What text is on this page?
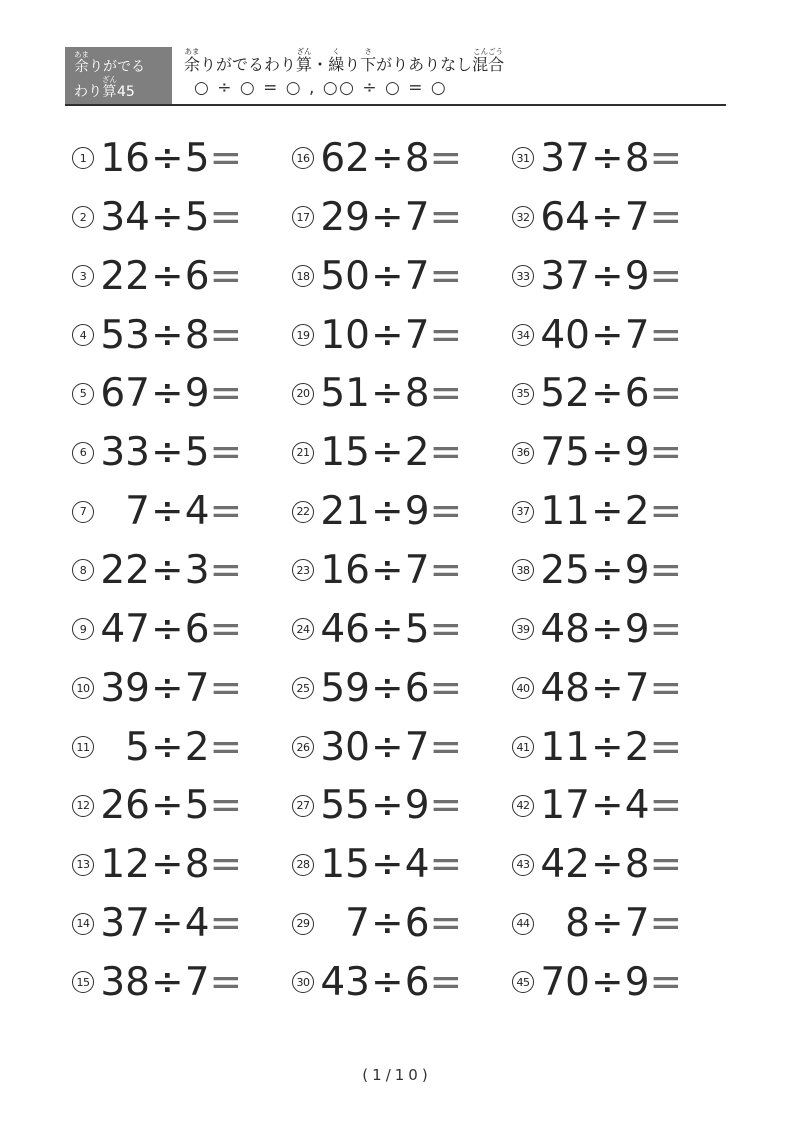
あま
余
りがでる

わり
ざん
算
45
あま
余
りがでるわり
ざん
算
・
く
繰
り
さ
下
がりありなし
こんごう
混合
○ ÷ ○ = ○ , ○○ ÷ ○ = ○
1 16÷5=
2 34÷5=
3 22÷6=
4 53÷8=
5 67÷9=
6 33÷5=
7 7÷4=
8 22÷3=
9 47÷6=
10 39÷7=
11 5÷2=
12 26÷5=
13 12÷8=
14 37÷4=
15 38÷7=
16 62÷8=
17 29÷7=
18 50÷7=
19 10÷7=
20 51÷8=
21 15÷2=
22 21÷9=
23 16÷7=
24 46÷5=
25 59÷6=
26 30÷7=
27 55÷9=
28 15÷4=
29 7÷6=
30 43÷6=
31 37÷8=
32 64÷7=
33 37÷9=
34 40÷7=
35 52÷6=
36 75÷9=
37 11÷2=
38 25÷9=
39 48÷9=
40 48÷7=
41 11÷2=
42 17÷4=
43 42÷8=
44 8÷7=
45 70÷9=
(1/10)
